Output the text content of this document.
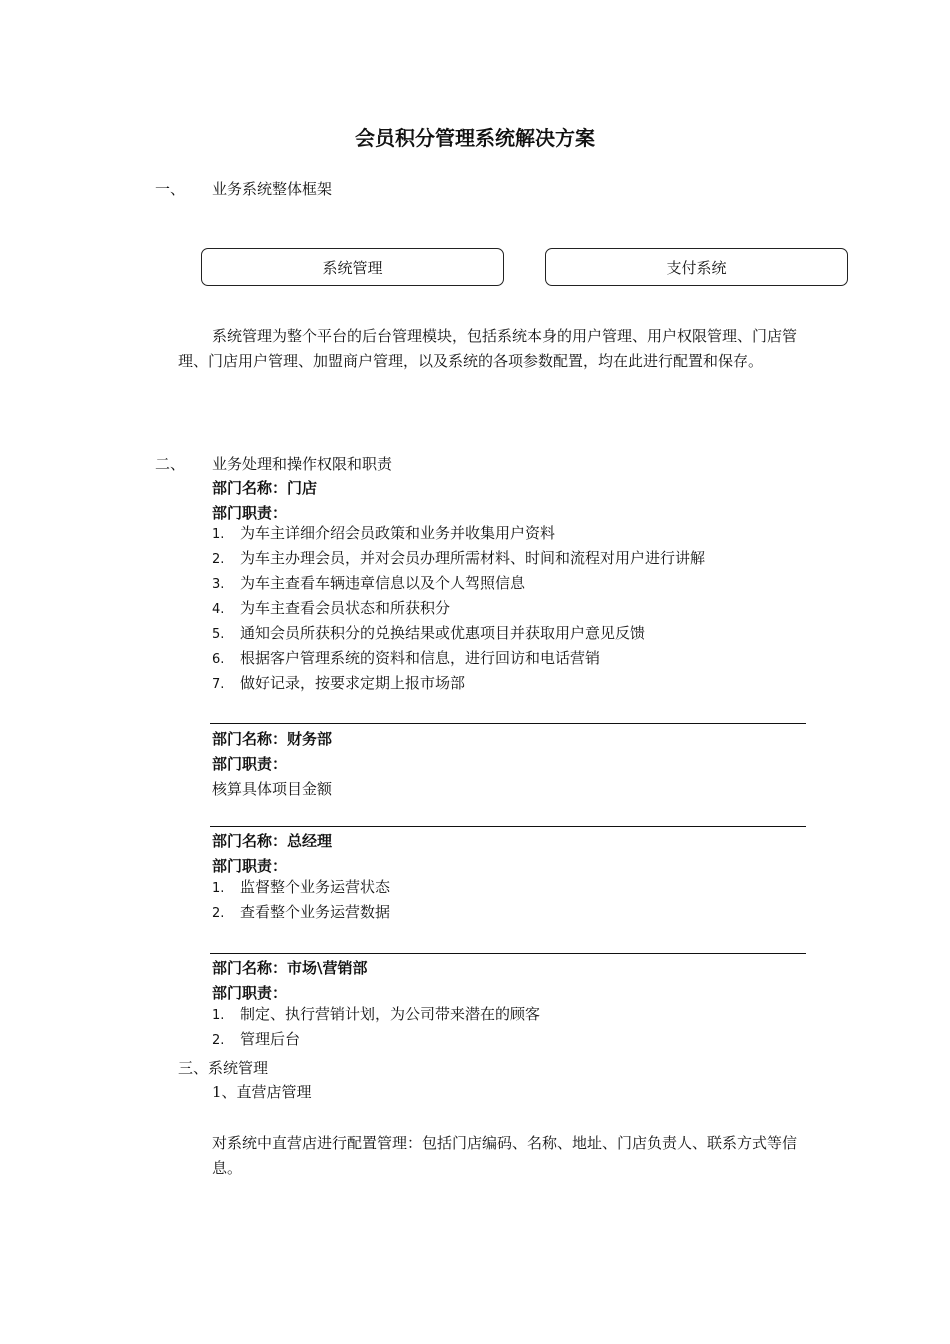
会员积分管理系统解决方案
一、 业务系统整体框架
系统管理	支付系统
系统管理为整个平台的后台管理模块，包括系统本身的用户管理、用户权限管理、门店管理、门店用户管理、加盟商户管理，以及系统的各项参数配置，均在此进行配置和保存。
二、 业务处理和操作权限和职责
部门名称：门店
部门职责：
1. 为车主详细介绍会员政策和业务并收集用户资料
2. 为车主办理会员，并对会员办理所需材料、时间和流程对用户进行讲解
3. 为车主查看车辆违章信息以及个人驾照信息
4. 为车主查看会员状态和所获积分
5. 通知会员所获积分的兑换结果或优惠项目并获取用户意见反馈
6. 根据客户管理系统的资料和信息，进行回访和电话营销
7. 做好记录，按要求定期上报市场部
部门名称：财务部
部门职责：
核算具体项目金额
部门名称：总经理
部门职责：
1. 监督整个业务运营状态
2. 查看整个业务运营数据
部门名称：市场\营销部
部门职责：
1. 制定、执行营销计划，为公司带来潜在的顾客
2. 管理后台
三、系统管理
1、直营店管理
对系统中直营店进行配置管理：包括门店编码、名称、地址、门店负责人、联系方式等信息。
